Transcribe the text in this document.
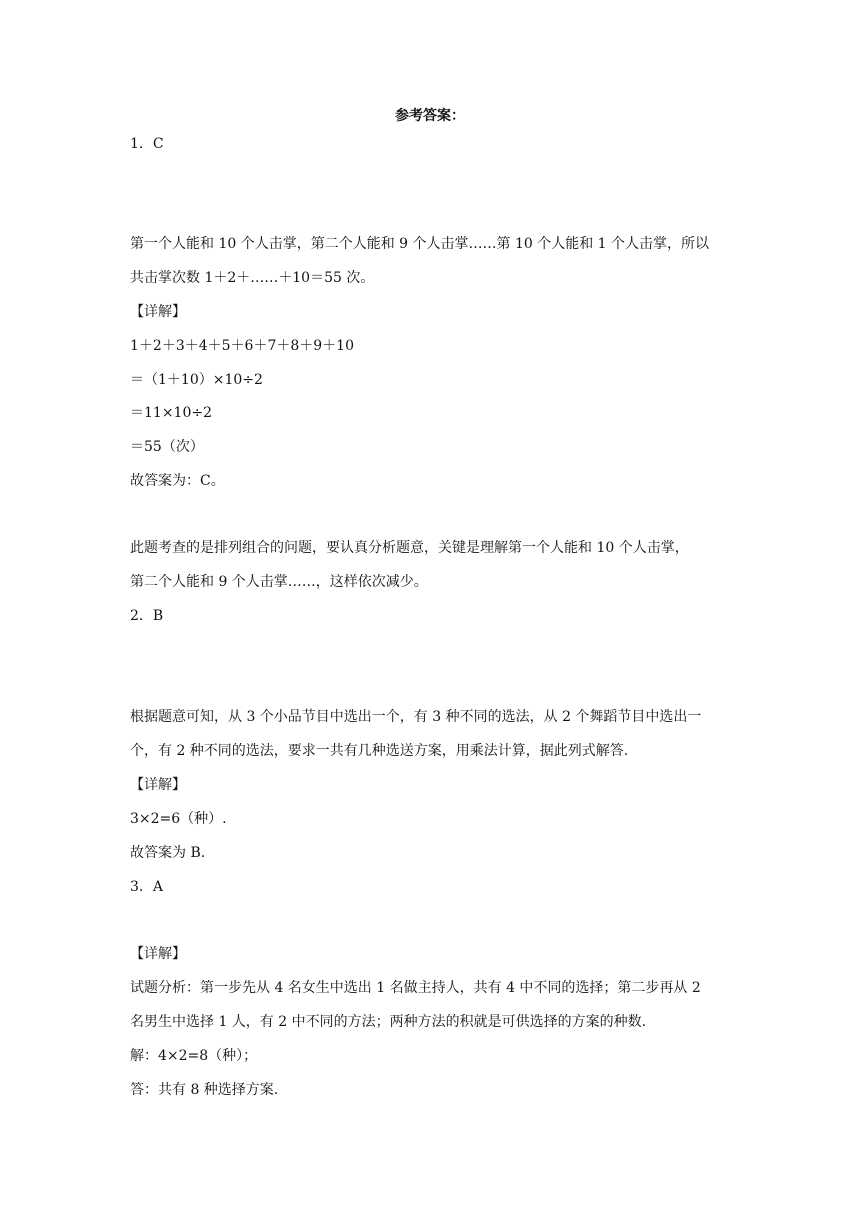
参考答案：
1．C
第一个人能和 10 个人击掌，第二个人能和 9 个人击掌……第 10 个人能和 1 个人击掌，所以
共击掌次数 1＋2＋……＋10＝55 次。
【详解】
1＋2＋3＋4＋5＋6＋7＋8＋9＋10
＝（1＋10）×10÷2
＝11×10÷2
＝55（次）
故答案为：C。
此题考查的是排列组合的问题，要认真分析题意，关键是理解第一个人能和 10 个人击掌，
第二个人能和 9 个人击掌……，这样依次减少。
2．B
根据题意可知，从 3 个小品节目中选出一个，有 3 种不同的选法，从 2 个舞蹈节目中选出一
个，有 2 种不同的选法，要求一共有几种选送方案，用乘法计算，据此列式解答.
【详解】
3×2=6（种）.
故答案为 B.
3．A
【详解】
试题分析：第一步先从 4 名女生中选出 1 名做主持人，共有 4 中不同的选择；第二步再从 2
名男生中选择 1 人，有 2 中不同的方法；两种方法的积就是可供选择的方案的种数.
解：4×2=8（种）；
答：共有 8 种选择方案.
